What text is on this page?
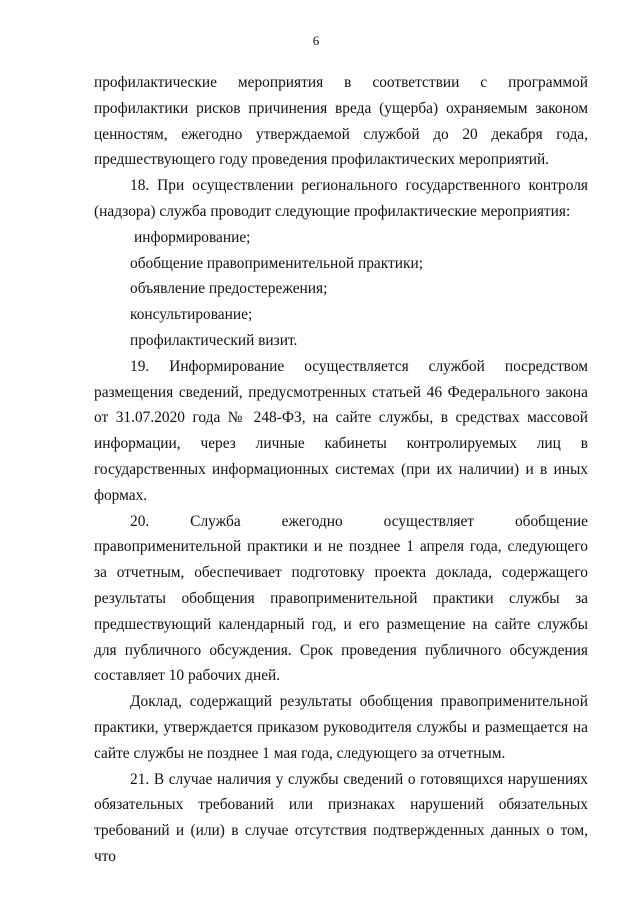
6

профилактические мероприятия в соответствии с программой профилактики рисков причинения вреда (ущерба) охраняемым законом ценностям, ежегодно утверждаемой службой до 20 декабря года, предшествующего году проведения профилактических мероприятий.

18. При осуществлении регионального государственного контроля (надзора) служба проводит следующие профилактические мероприятия:

информирование;

обобщение правоприменительной практики;

объявление предостережения;

консультирование;

профилактический визит.

19. Информирование осуществляется службой посредством размещения сведений, предусмотренных статьей 46 Федерального закона от 31.07.2020 года № 248-ФЗ, на сайте службы, в средствах массовой информации, через личные кабинеты контролируемых лиц в государственных информационных системах (при их наличии) и в иных формах.

20. Служба ежегодно осуществляет обобщение правоприменительной практики и не позднее 1 апреля года, следующего за отчетным, обеспечивает подготовку проекта доклада, содержащего результаты обобщения правоприменительной практики службы за предшествующий календарный год, и его размещение на сайте службы для публичного обсуждения. Срок проведения публичного обсуждения составляет 10 рабочих дней.

Доклад, содержащий результаты обобщения правоприменительной практики, утверждается приказом руководителя службы и размещается на сайте службы не позднее 1 мая года, следующего за отчетным.

21. В случае наличия у службы сведений о готовящихся нарушениях обязательных требований или признаках нарушений обязательных требований и (или) в случае отсутствия подтвержденных данных о том, что
